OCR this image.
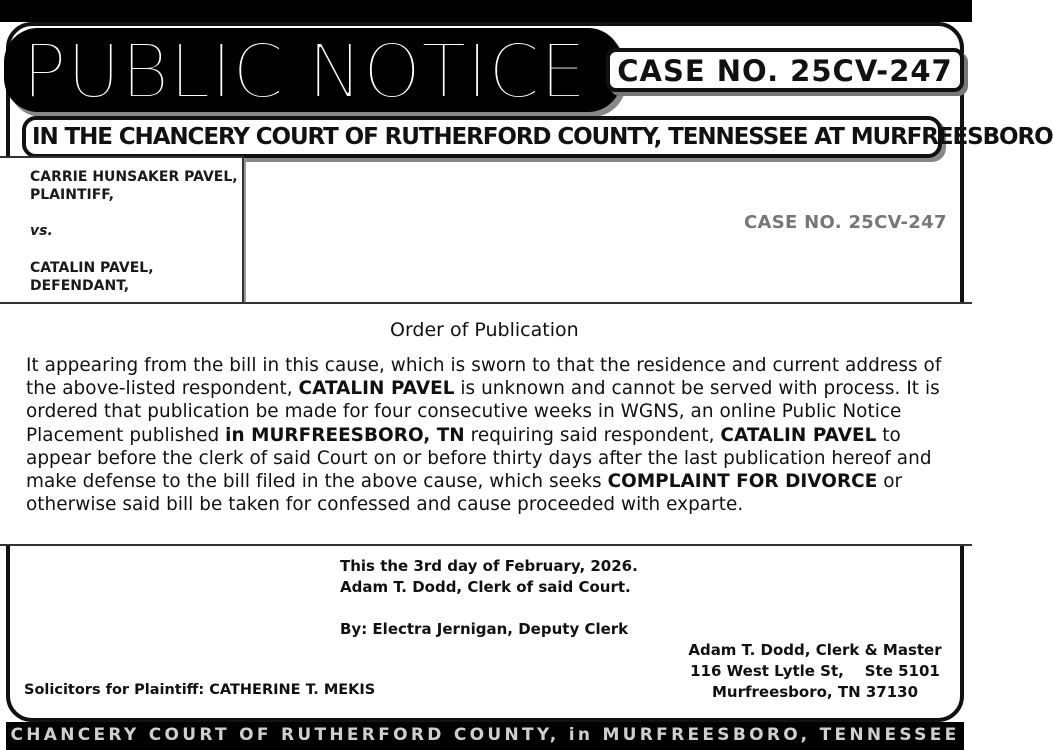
PUBLIC NOTICE	CASE NO. 25CV-247
IN THE CHANCERY COURT OF RUTHERFORD COUNTY, TENNESSEE AT MURFREESBORO
CARRIE HUNSAKER PAVEL,
PLAINTIFF,
vs.
CATALIN PAVEL,
DEFENDANT,
CASE NO. 25CV-247
Order of Publication
It appearing from the bill in this cause, which is sworn to that the residence and current address of the above-listed respondent, CATALIN PAVEL is unknown and cannot be served with process. It is ordered that publication be made for four consecutive weeks in WGNS, an online Public Notice Placement published in MURFREESBORO, TN requiring said respondent, CATALIN PAVEL to appear before the clerk of said Court on or before thirty days after the last publication hereof and make defense to the bill filed in the above cause, which seeks COMPLAINT FOR DIVORCE or otherwise said bill be taken for confessed and cause proceeded with exparte.
This the 3rd day of February, 2026.
Adam T. Dodd, Clerk of said Court.
By: Electra Jernigan, Deputy Clerk
Adam T. Dodd, Clerk & Master
116 West Lytle St, Ste 5101
Murfreesboro, TN 37130
Solicitors for Plaintiff: CATHERINE T. MEKIS
CHANCERY COURT OF RUTHERFORD COUNTY, in MURFREESBORO, TENNESSEE
